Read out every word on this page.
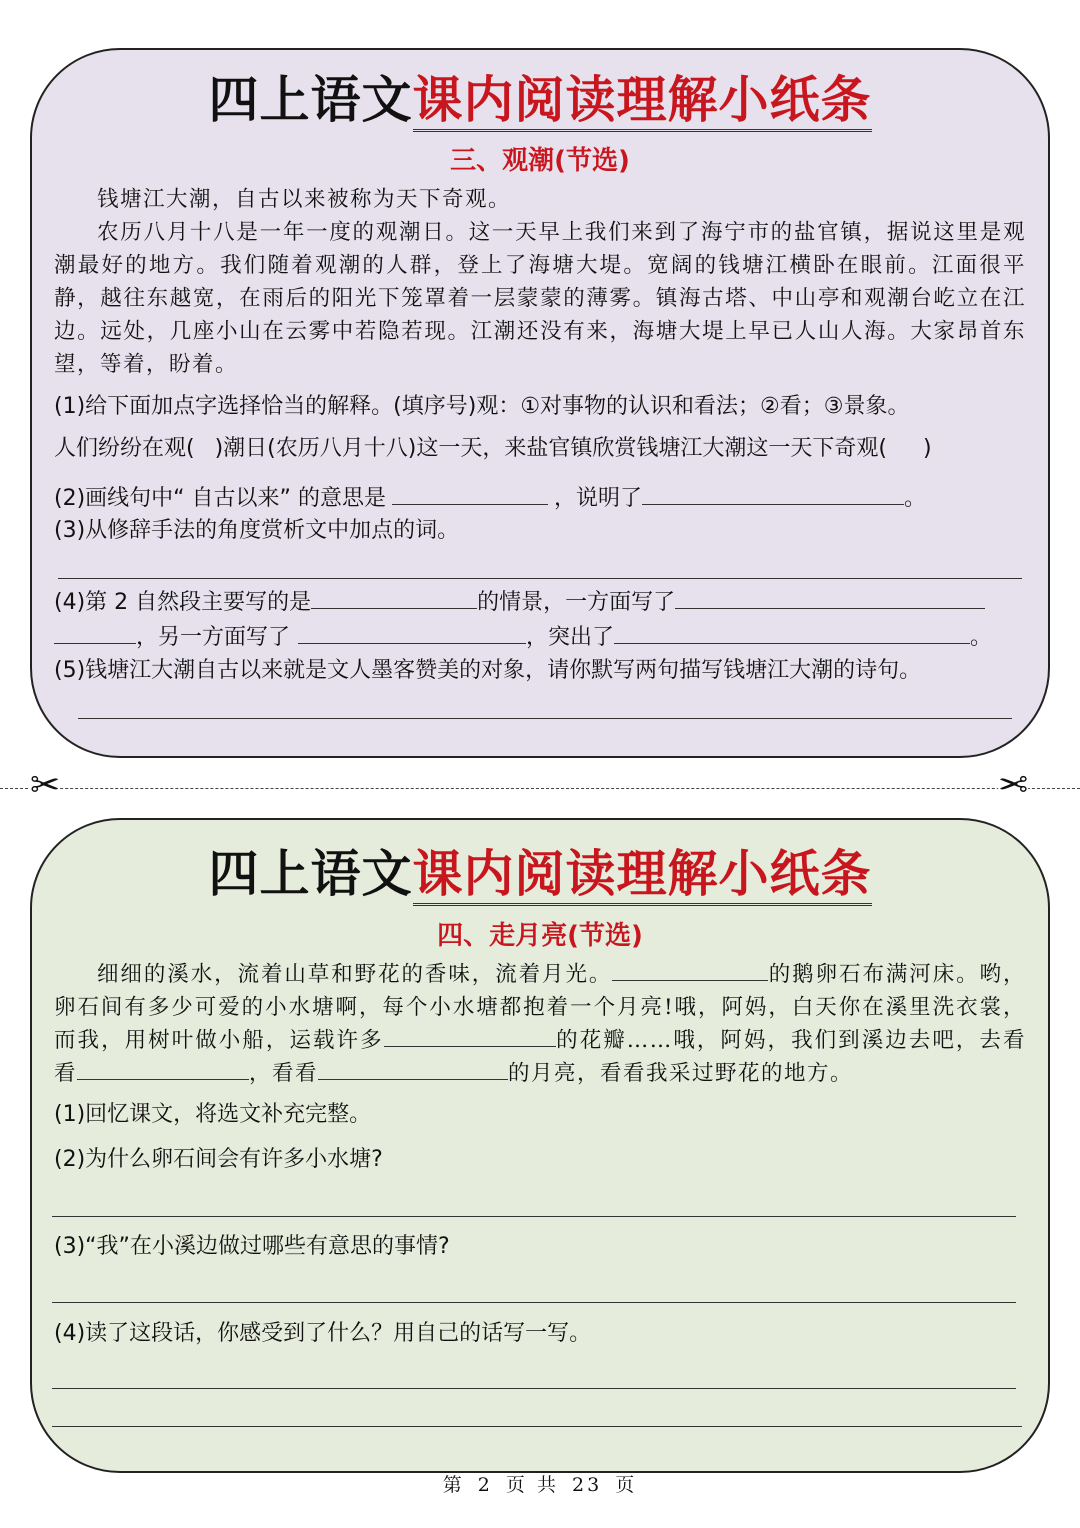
四上语文课内阅读理解小纸条
三、观潮(节选)

钱塘江大潮，自古以来被称为天下奇观。

农历八月十八是一年一度的观潮日。这一天早上我们来到了海宁市的盐官镇，据说这里是观潮最好的地方。我们随着观潮的人群，登上了海塘大堤。宽阔的钱塘江横卧在眼前。江面很平静，越往东越宽，在雨后的阳光下笼罩着一层蒙蒙的薄雾。镇海古塔、中山亭和观潮台屹立在江边。远处，几座小山在云雾中若隐若现。江潮还没有来，海塘大堤上早已人山人海。大家昂首东望，等着，盼着。

(1)给下面加点字选择恰当的解释。(填序号)观：①对事物的认识和看法；②看；③景象。
人们纷纷在观( )潮日(农历八月十八)这一天，来盐官镇欣赏钱塘江大潮这一天下奇观( )
(2)画线句中“ 自古以来” 的意思是	，说明了	。
(3)从修辞手法的角度赏析文中加点的词。
(4)第 2 自然段主要写的是	的情景，一方面写了
，另一方面写了	，突出了	。
(5)钱塘江大潮自古以来就是文人墨客赞美的对象，请你默写两句描写钱塘江大潮的诗句。
✂	✂
四上语文课内阅读理解小纸条
四、走月亮(节选)

细细的溪水，流着山草和野花的香味，流着月光。	的鹅卵石布满河床。哟，卵石间有多少可爱的小水塘啊，每个小水塘都抱着一个月亮!哦，阿妈，白天你在溪里洗衣裳，而我，用树叶做小船，运载许多	的花瓣……哦，阿妈，我们到溪边去吧，去看看	，看看	的月亮，看看我采过野花的地方。

(1)回忆课文，将选文补充完整。
(2)为什么卵石间会有许多小水塘?
(3)“我”在小溪边做过哪些有意思的事情?
(4)读了这段话，你感受到了什么？用自己的话写一写。
第 2 页 共 23 页
